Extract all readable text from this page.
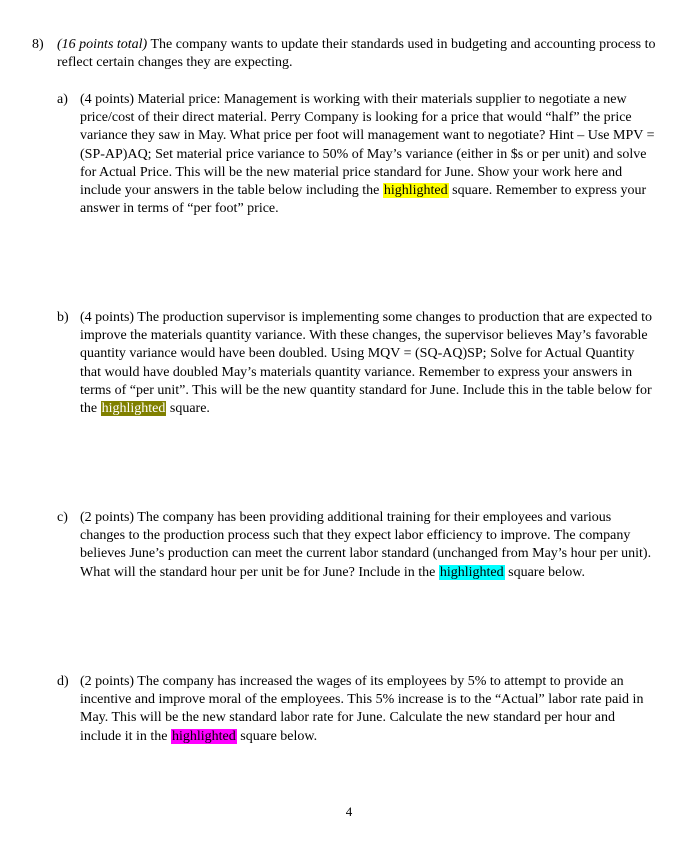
8) (16 points total) The company wants to update their standards used in budgeting and accounting process to reflect certain changes they are expecting.
a) (4 points) Material price: Management is working with their materials supplier to negotiate a new price/cost of their direct material. Perry Company is looking for a price that would “half” the price variance they saw in May. What price per foot will management want to negotiate? Hint – Use MPV = (SP-AP)AQ; Set material price variance to 50% of May’s variance (either in $s or per unit) and solve for Actual Price. This will be the new material price standard for June. Show your work here and include your answers in the table below including the highlighted square. Remember to express your answer in terms of “per foot” price.
b) (4 points) The production supervisor is implementing some changes to production that are expected to improve the materials quantity variance. With these changes, the supervisor believes May’s favorable quantity variance would have been doubled. Using MQV = (SQ-AQ)SP; Solve for Actual Quantity that would have doubled May’s materials quantity variance. Remember to express your answers in terms of “per unit”. This will be the new quantity standard for June. Include this in the table below for the highlighted square.
c) (2 points) The company has been providing additional training for their employees and various changes to the production process such that they expect labor efficiency to improve. The company believes June’s production can meet the current labor standard (unchanged from May’s hour per unit). What will the standard hour per unit be for June? Include in the highlighted square below.
d) (2 points) The company has increased the wages of its employees by 5% to attempt to provide an incentive and improve moral of the employees. This 5% increase is to the “Actual” labor rate paid in May. This will be the new standard labor rate for June. Calculate the new standard per hour and include it in the highlighted square below.
4
